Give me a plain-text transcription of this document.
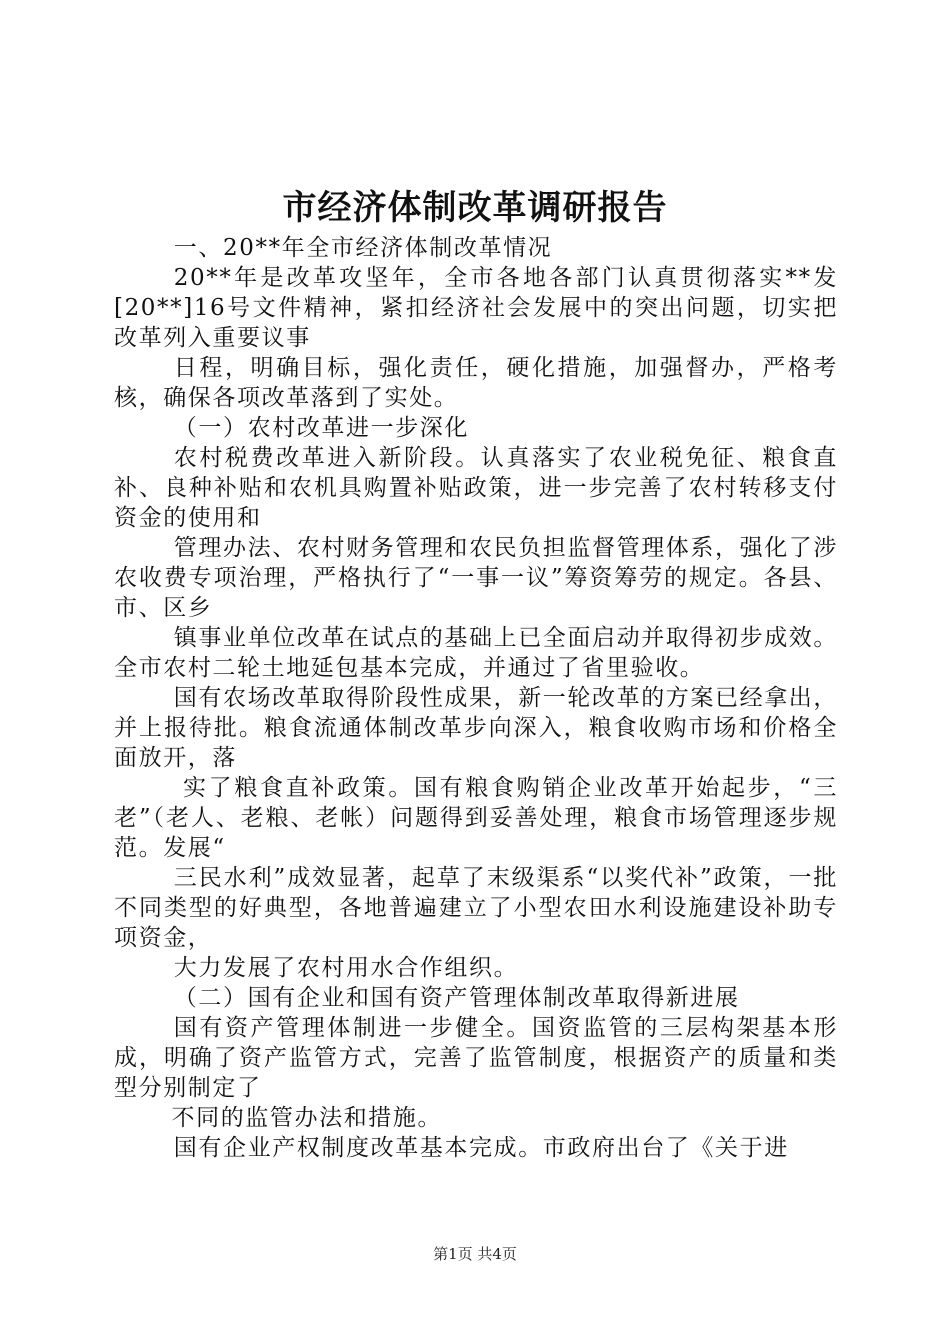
市经济体制改革调研报告

一、20**年全市经济体制改革情况

20**年是改革攻坚年，全市各地各部门认真贯彻落实**发[20**]16号文件精神，紧扣经济社会发展中的突出问题，切实把改革列入重要议事

日程，明确目标，强化责任，硬化措施，加强督办，严格考核，确保各项改革落到了实处。

（一）农村改革进一步深化

农村税费改革进入新阶段。认真落实了农业税免征、粮食直补、良种补贴和农机具购置补贴政策，进一步完善了农村转移支付资金的使用和

管理办法、农村财务管理和农民负担监督管理体系，强化了涉农收费专项治理，严格执行了“一事一议”筹资筹劳的规定。各县、市、区乡

镇事业单位改革在试点的基础上已全面启动并取得初步成效。全市农村二轮土地延包基本完成，并通过了省里验收。

国有农场改革取得阶段性成果，新一轮改革的方案已经拿出，并上报待批。粮食流通体制改革步向深入，粮食收购市场和价格全面放开，落

实了粮食直补政策。国有粮食购销企业改革开始起步，“三老”（老人、老粮、老帐）问题得到妥善处理，粮食市场管理逐步规范。发展“

三民水利”成效显著，起草了末级渠系“以奖代补”政策，一批不同类型的好典型，各地普遍建立了小型农田水利设施建设补助专项资金，

大力发展了农村用水合作组织。

（二）国有企业和国有资产管理体制改革取得新进展

国有资产管理体制进一步健全。国资监管的三层构架基本形成，明确了资产监管方式，完善了监管制度，根据资产的质量和类型分别制定了

不同的监管办法和措施。

国有企业产权制度改革基本完成。市政府出台了《关于进

第1页 共4页
